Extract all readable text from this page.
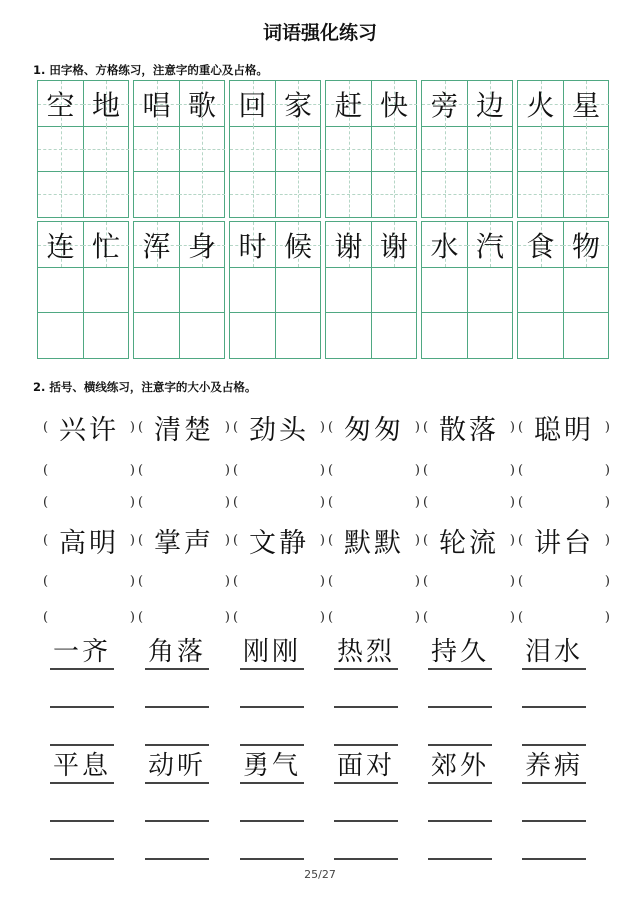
词语强化练习
1. 田字格、方格练习，注意字的重心及占格。
空 地 唱 歌 回 家 赶 快 旁 边 火 星
连 忙 浑 身 时 候 谢 谢 水 汽 食 物
2. 括号、横线练习，注意字的大小及占格。
( 兴许 )
(	)
(	)
( 清楚 )
(	)
(	)
( 劲头 )
(	)
(	)
( 匆匆 )
(	)
(	)
( 散落 )
(	)
(	)
( 聪明 )
(	)
(	)
( 高明 )
(	)
(	)
( 掌声 )
(	)
(	)
( 文静 )
(	)
(	)
( 默默 )
(	)
(	)
( 轮流 )
(	)
(	)
( 讲台 )
(	)
(	)
一齐 角落 刚刚 热烈 持久 泪水
平息 动听 勇气 面对 郊外 养病
25/27
